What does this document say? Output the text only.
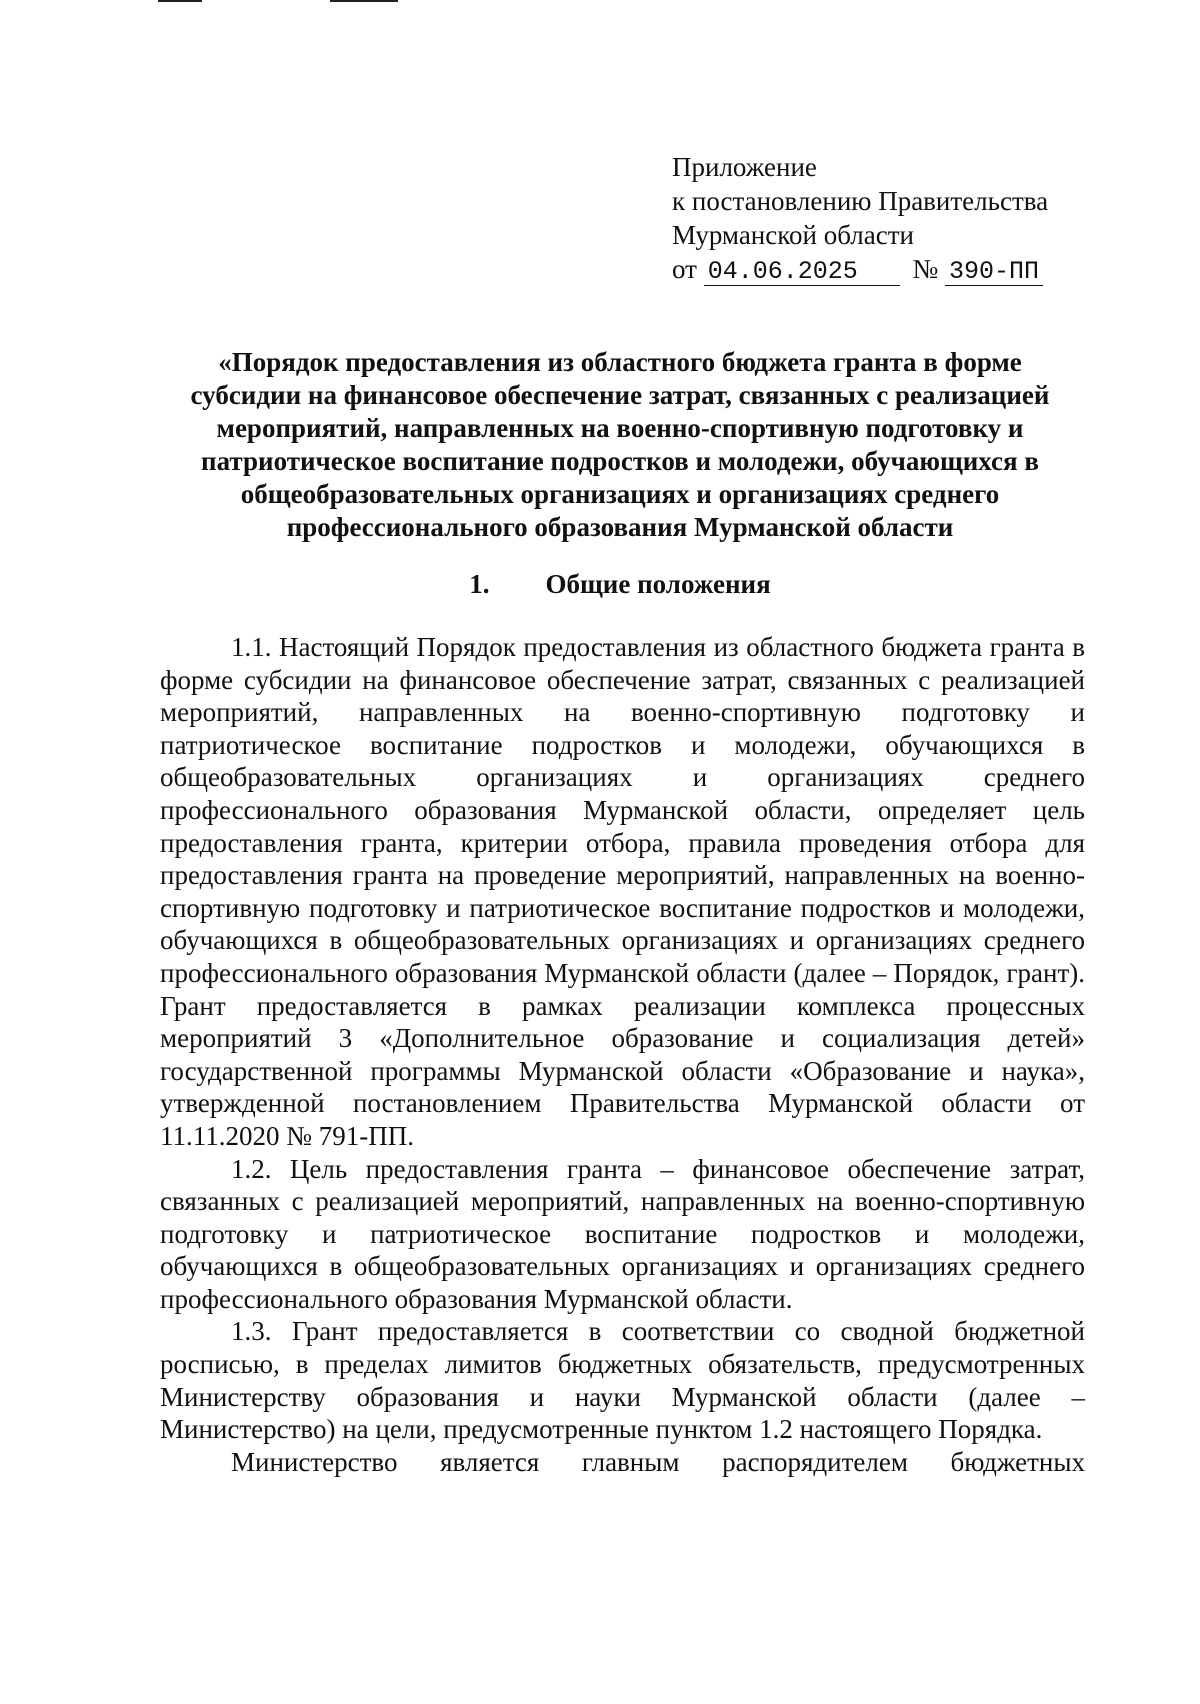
Приложение
к постановлению Правительства
Мурманской области
от 04.06.2025 № 390-ПП
«Порядок предоставления из областного бюджета гранта в форме субсидии на финансовое обеспечение затрат, связанных с реализацией мероприятий, направленных на военно-спортивную подготовку и патриотическое воспитание подростков и молодежи, обучающихся в общеобразовательных организациях и организациях среднего профессионального образования Мурманской области
1. Общие положения

1.1. Настоящий Порядок предоставления из областного бюджета гранта в форме субсидии на финансовое обеспечение затрат, связанных с реализацией мероприятий, направленных на военно-спортивную подготовку и патриотическое воспитание подростков и молодежи, обучающихся в общеобразовательных организациях и организациях среднего профессионального образования Мурманской области, определяет цель предоставления гранта, критерии отбора, правила проведения отбора для предоставления гранта на проведение мероприятий, направленных на военно-спортивную подготовку и патриотическое воспитание подростков и молодежи, обучающихся в общеобразовательных организациях и организациях среднего профессионального образования Мурманской области (далее – Порядок, грант). Грант предоставляется в рамках реализации комплекса процессных мероприятий 3 «Дополнительное образование и социализация детей» государственной программы Мурманской области «Образование и наука», утвержденной постановлением Правительства Мурманской области от 11.11.2020 № 791-ПП.

1.2. Цель предоставления гранта – финансовое обеспечение затрат, связанных с реализацией мероприятий, направленных на военно-спортивную подготовку и патриотическое воспитание подростков и молодежи, обучающихся в общеобразовательных организациях и организациях среднего профессионального образования Мурманской области.

1.3. Грант предоставляется в соответствии со сводной бюджетной росписью, в пределах лимитов бюджетных обязательств, предусмотренных Министерству образования и науки Мурманской области (далее – Министерство) на цели, предусмотренные пунктом 1.2 настоящего Порядка.

Министерство является главным распорядителем бюджетных
